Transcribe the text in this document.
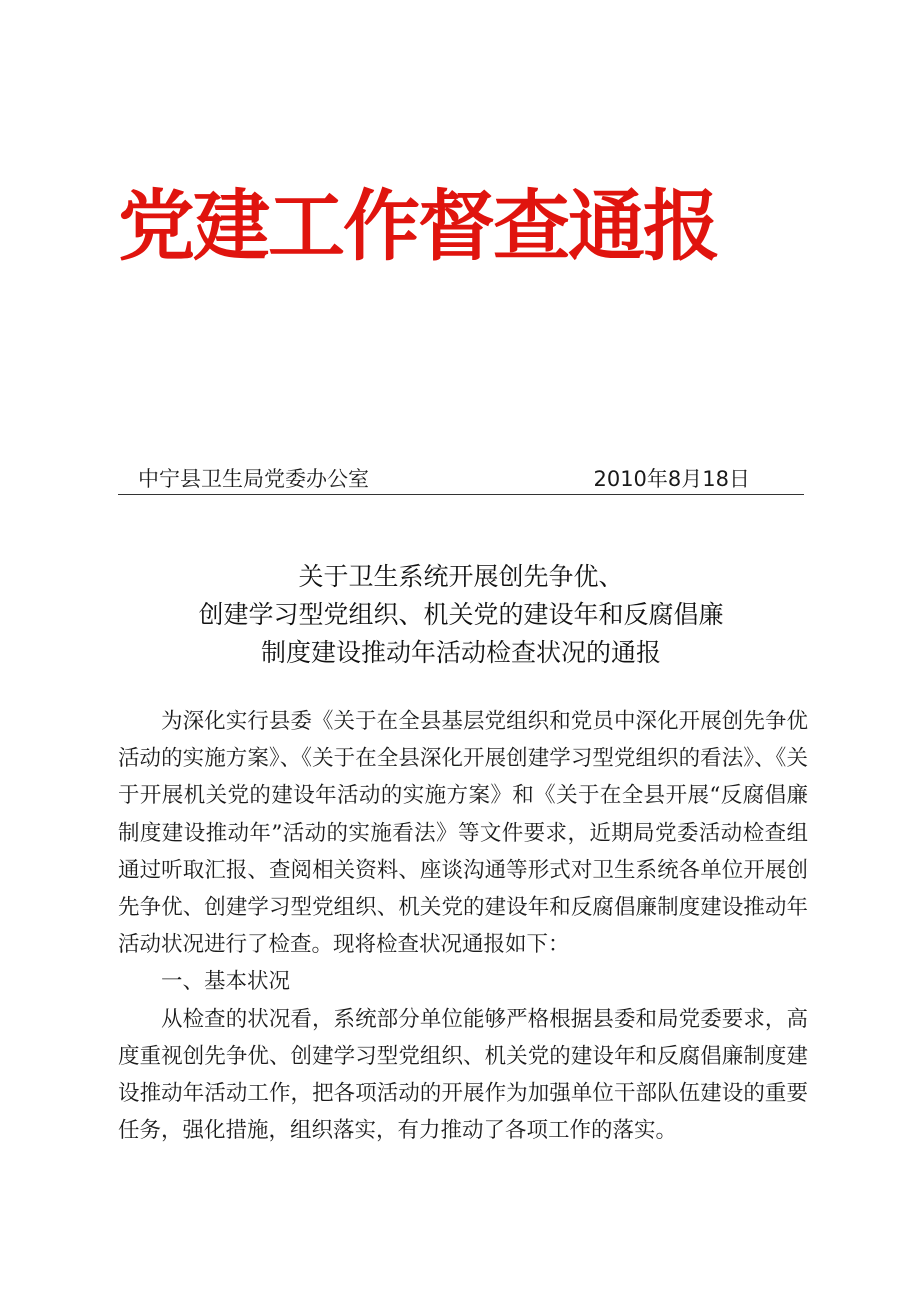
党建工作督查通报
中宁县卫生局党委办公室	2010年8月18日
关于卫生系统开展创先争优、
创建学习型党组织、机关党的建设年和反腐倡廉
制度建设推动年活动检查状况的通报

为深化实行县委《关于在全县基层党组织和党员中深化开展创先争优活动的实施方案》、《关于在全县深化开展创建学习型党组织的看法》、《关于开展机关党的建设年活动的实施方案》和《关于在全县开展“反腐倡廉制度建设推动年”活动的实施看法》等文件要求，近期局党委活动检查组通过听取汇报、查阅相关资料、座谈沟通等形式对卫生系统各单位开展创先争优、创建学习型党组织、机关党的建设年和反腐倡廉制度建设推动年活动状况进行了检查。现将检查状况通报如下：

一、基本状况

从检查的状况看，系统部分单位能够严格根据县委和局党委要求，高度重视创先争优、创建学习型党组织、机关党的建设年和反腐倡廉制度建设推动年活动工作，把各项活动的开展作为加强单位干部队伍建设的重要任务，强化措施，组织落实，有力推动了各项工作的落实。
